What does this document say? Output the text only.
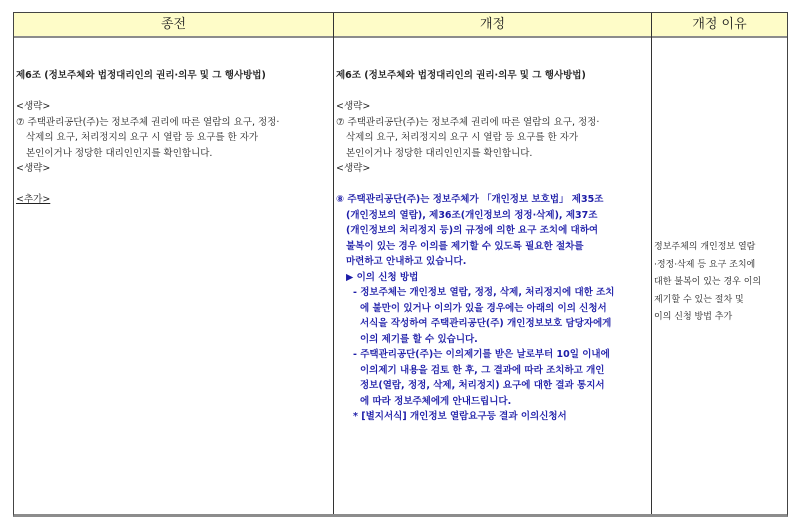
종전	개정	개정 이유
제6조 (정보주체와 법정대리인의 권리·의무 및 그 행사방법)
<생략>
⑦ 주택관리공단(주)는 정보주체 권리에 따른 열람의 요구, 정정·
삭제의 요구, 처리정지의 요구 시 열람 등 요구를 한 자가
본인이거나 정당한 대리인인지를 확인합니다.
<생략>
<추가>
제6조 (정보주체와 법정대리인의 권리·의무 및 그 행사방법)
<생략>
⑦ 주택관리공단(주)는 정보주체 권리에 따른 열람의 요구, 정정·
삭제의 요구, 처리정지의 요구 시 열람 등 요구를 한 자가
본인이거나 정당한 대리인인지를 확인합니다.
<생략>
⑧ 주택관리공단(주)는 정보주체가 「개인정보 보호법」 제35조
(개인정보의 열람), 제36조(개인정보의 정정·삭제), 제37조
(개인정보의 처리정지 등)의 규정에 의한 요구 조치에 대하여
불복이 있는 경우 이의를 제기할 수 있도록 필요한 절차를
마련하고 안내하고 있습니다.
▶ 이의 신청 방법
- 정보주체는 개인정보 열람, 정정, 삭제, 처리정지에 대한 조치
에 불만이 있거나 이의가 있을 경우에는 아래의 이의 신청서
서식을 작성하여 주택관리공단(주) 개인정보보호 담당자에게
이의 제기를 할 수 있습니다.
- 주택관리공단(주)는 이의제기를 받은 날로부터 10일 이내에
이의제기 내용을 검토 한 후, 그 결과에 따라 조치하고 개인
정보(열람, 정정, 삭제, 처리정지) 요구에 대한 결과 통지서
에 따라 정보주체에게 안내드립니다.
* [별지서식] 개인정보 열람요구등 결과 이의신청서
정보주체의 개인정보 열람
·정정·삭제 등 요구 조치에
대한 불복이 있는 경우 이의
제기할 수 있는 절차 및
이의 신청 방법 추가
